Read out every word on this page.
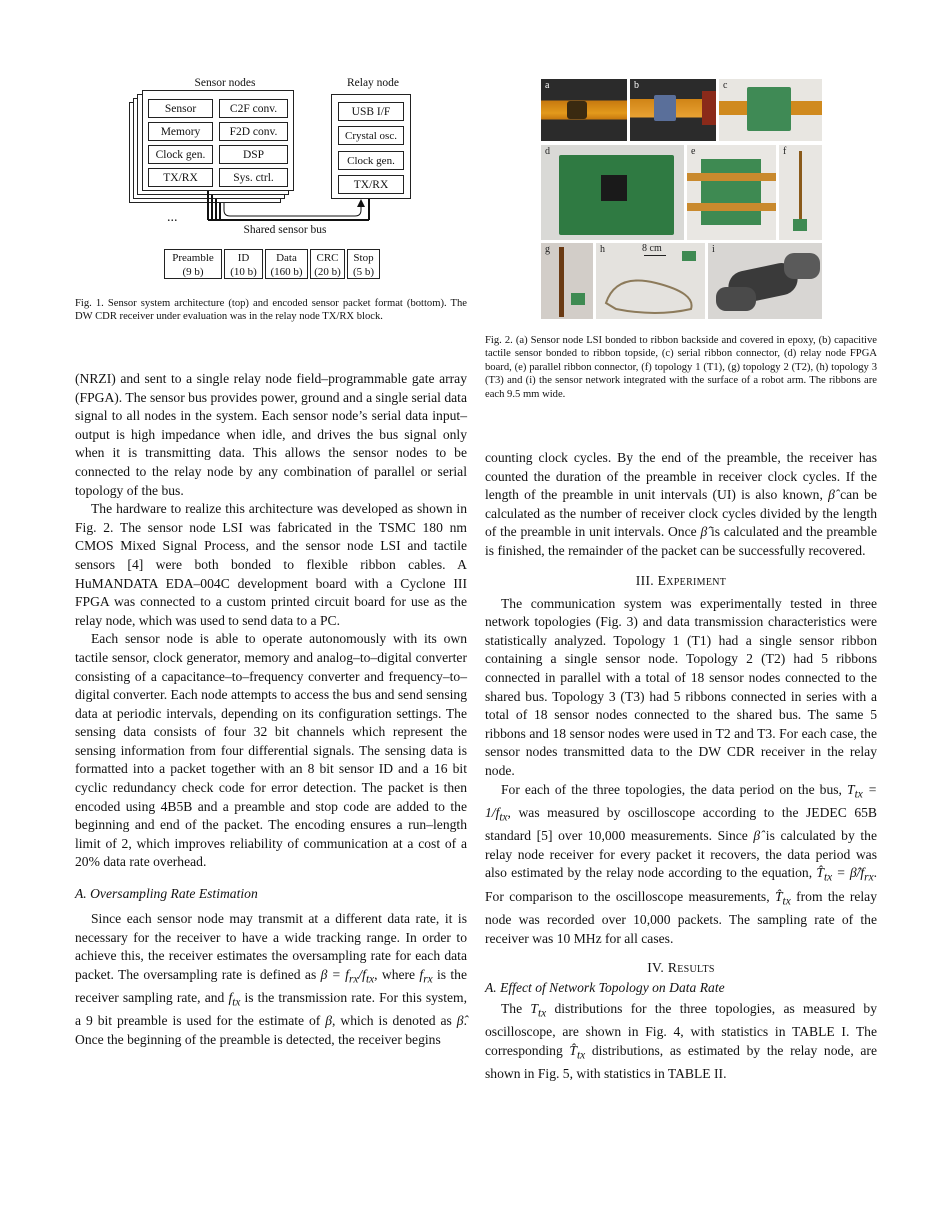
Sensor nodes	Relay node
Sensor	C2F conv.
Memory	F2D conv.
Clock gen.	DSP
TX/RX	Sys. ctrl.
USB I/F
Crystal osc.
Clock gen.
TX/RX
...
Shared sensor bus
Preamble
(9 b)
ID
(10 b)
Data
(160 b)
CRC
(20 b)
Stop
(5 b)

Fig. 1. Sensor system architecture (top) and encoded sensor packet format (bottom). The DW CDR receiver under evaluation was in the relay node TX/RX block.

a	b	c
d	e	f
g	h	8 cm	i

Fig. 2. (a) Sensor node LSI bonded to ribbon backside and covered in epoxy, (b) capacitive tactile sensor bonded to ribbon topside, (c) serial ribbon connector, (d) relay node FPGA board, (e) parallel ribbon connector, (f) topology 1 (T1), (g) topology 2 (T2), (h) topology 3 (T3) and (i) the sensor network integrated with the surface of a robot arm. The ribbons are each 9.5 mm wide.

(NRZI) and sent to a single relay node field–programmable gate array (FPGA). The sensor bus provides power, ground and a single serial data signal to all nodes in the system. Each sensor node’s serial data input–output is high impedance when idle, and drives the bus signal only when it is transmitting data. This allows the sensor nodes to be connected to the relay node by any combination of parallel or serial topology of the bus.

The hardware to realize this architecture was developed as shown in Fig. 2. The sensor node LSI was fabricated in the TSMC 180 nm CMOS Mixed Signal Process, and the sensor node LSI and tactile sensors [4] were both bonded to flexible ribbon cables. A HuMANDATA EDA–004C development board with a Cyclone III FPGA was connected to a custom printed circuit board for use as the relay node, which was used to send data to a PC.

Each sensor node is able to operate autonomously with its own tactile sensor, clock generator, memory and analog–to–digital converter consisting of a capacitance–to–frequency converter and frequency–to–digital converter. Each node attempts to access the bus and send sensing data at periodic intervals, depending on its configuration settings. The sensing data consists of four 32 bit channels which represent the sensing information from four differential signals. The sensing data is formatted into a packet together with an 8 bit sensor ID and a 16 bit cyclic redundancy check code for error detection. The packet is then encoded using 4B5B and a preamble and stop code are added to the beginning and end of the packet. The encoding ensures a run–length limit of 2, which improves reliability of communication at a cost of a 20% data rate overhead.

A. Oversampling Rate Estimation

Since each sensor node may transmit at a different data rate, it is necessary for the receiver to have a wide tracking range. In order to achieve this, the receiver estimates the oversampling rate for each data packet. The oversampling rate is defined as $\beta = f_{rx}/f_{tx}$, where $f_{rx}$ is the receiver sampling rate, and $f_{tx}$ is the transmission rate. For this system, a 9 bit preamble is used for the estimate of β, which is denoted as β̂. Once the beginning of the preamble is detected, the receiver begins

counting clock cycles. By the end of the preamble, the receiver has counted the duration of the preamble in receiver clock cycles. If the length of the preamble in unit intervals (UI) is also known, β̂ can be calculated as the number of receiver clock cycles divided by the length of the preamble in unit intervals. Once β̂ is calculated and the preamble is finished, the remainder of the packet can be successfully recovered.

III. Experiment

The communication system was experimentally tested in three network topologies (Fig. 3) and data transmission characteristics were statistically analyzed. Topology 1 (T1) had a single sensor ribbon containing a single sensor node. Topology 2 (T2) had 5 ribbons connected in parallel with a total of 18 sensor nodes connected to the shared bus. Topology 3 (T3) had 5 ribbons connected in series with a total of 18 sensor nodes connected to the shared bus. The same 5 ribbons and 18 sensor nodes were used in T2 and T3. For each case, the sensor nodes transmitted data to the DW CDR receiver in the relay node.

For each of the three topologies, the data period on the bus, $T_{tx} = 1/f_{tx}$, was measured by oscilloscope according to the JEDEC 65B standard [5] over 10,000 measurements. Since β̂ is calculated by the relay node receiver for every packet it recovers, the data period was also estimated by the relay node according to the equation, $T̂_{tx}$ = $\betâ/f_{rx}$. For comparison to the oscilloscope measurements, $T̂_{tx}$ from the relay node was recorded over 10,000 packets. The sampling rate of the receiver was 10 MHz for all cases.

IV. Results

A. Effect of Network Topology on Data Rate

The $T_{tx}$ distributions for the three topologies, as measured by oscilloscope, are shown in Fig. 4, with statistics in TABLE I. The corresponding $T̂_{tx}$ distributions, as estimated by the relay node, are shown in Fig. 5, with statistics in TABLE II.
